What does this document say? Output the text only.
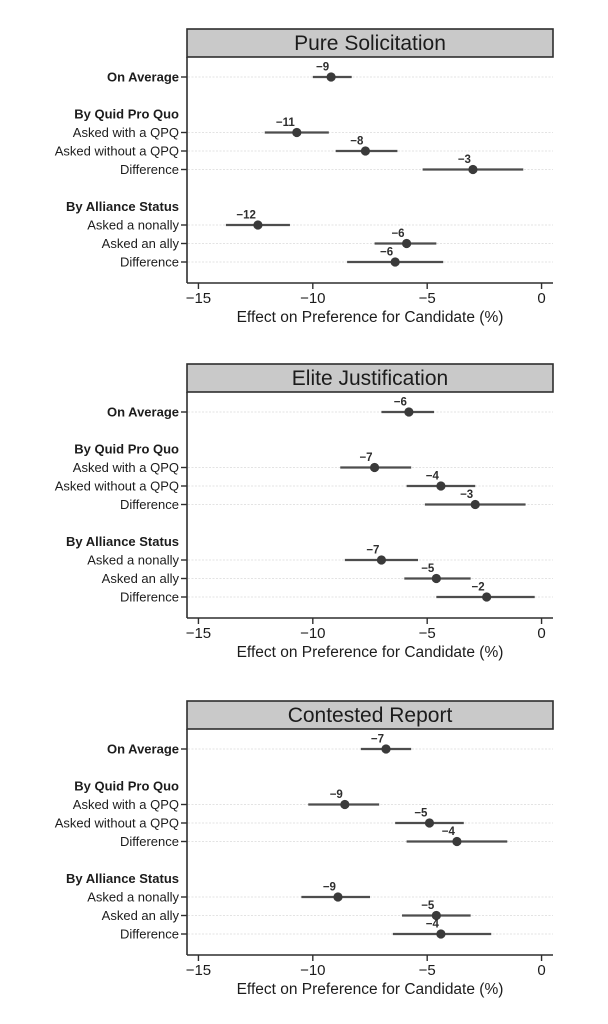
Pure Solicitation
−15	−10	−5	0
Effect on Preference for Candidate (%)
On Average
−9
By Quid Pro Quo
Asked with a QPQ
−11
Asked without a QPQ
−8
Difference
−3
By Alliance Status
Asked a nonally
−12
Asked an ally
−6
Difference
−6
Elite Justification
−15	−10	−5	0
Effect on Preference for Candidate (%)
On Average
−6
By Quid Pro Quo
Asked with a QPQ
−7
Asked without a QPQ
−4
Difference
−3
By Alliance Status
Asked a nonally
−7
Asked an ally
−5
Difference
−2
Contested Report
−15	−10	−5	0
Effect on Preference for Candidate (%)
On Average
−7
By Quid Pro Quo
Asked with a QPQ
−9
Asked without a QPQ
−5
Difference
−4
By Alliance Status
Asked a nonally
−9
Asked an ally
−5
Difference
−4
